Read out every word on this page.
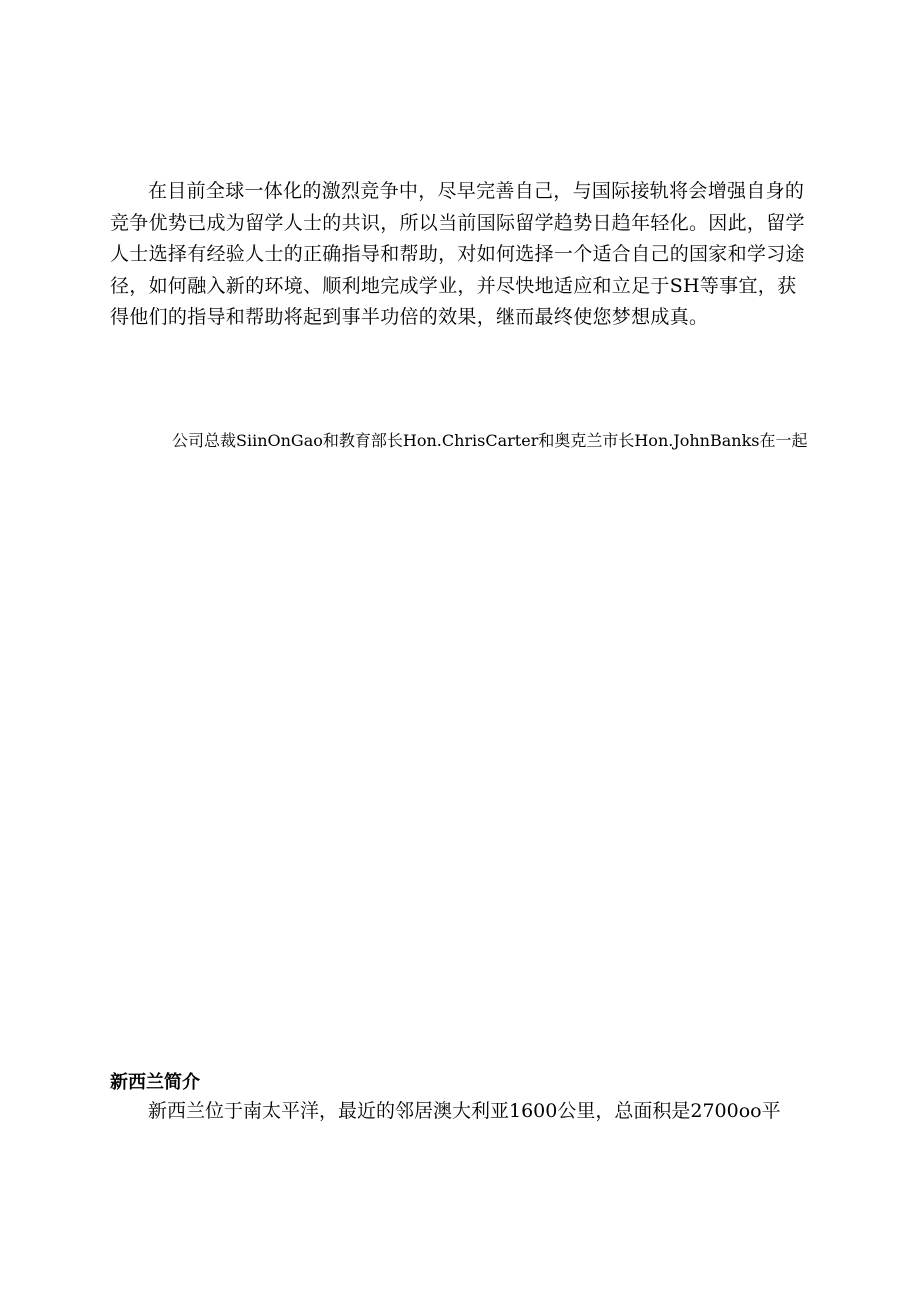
在目前全球一体化的激烈竞争中，尽早完善自己，与国际接轨将会增强自身的竞争优势已成为留学人士的共识，所以当前国际留学趋势日趋年轻化。因此，留学人士选择有经验人士的正确指导和帮助，对如何选择一个适合自己的国家和学习途径，如何融入新的环境、顺利地完成学业，并尽快地适应和立足于SH等事宜，获得他们的指导和帮助将起到事半功倍的效果，继而最终使您梦想成真。

公司总裁SiinOnGao和教育部长Hon.ChrisCarter和奥克兰市长Hon.JohnBanks在一起

新西兰简介

新西兰位于南太平洋，最近的邻居澳大利亚1600公里，总面积是2700oo平
